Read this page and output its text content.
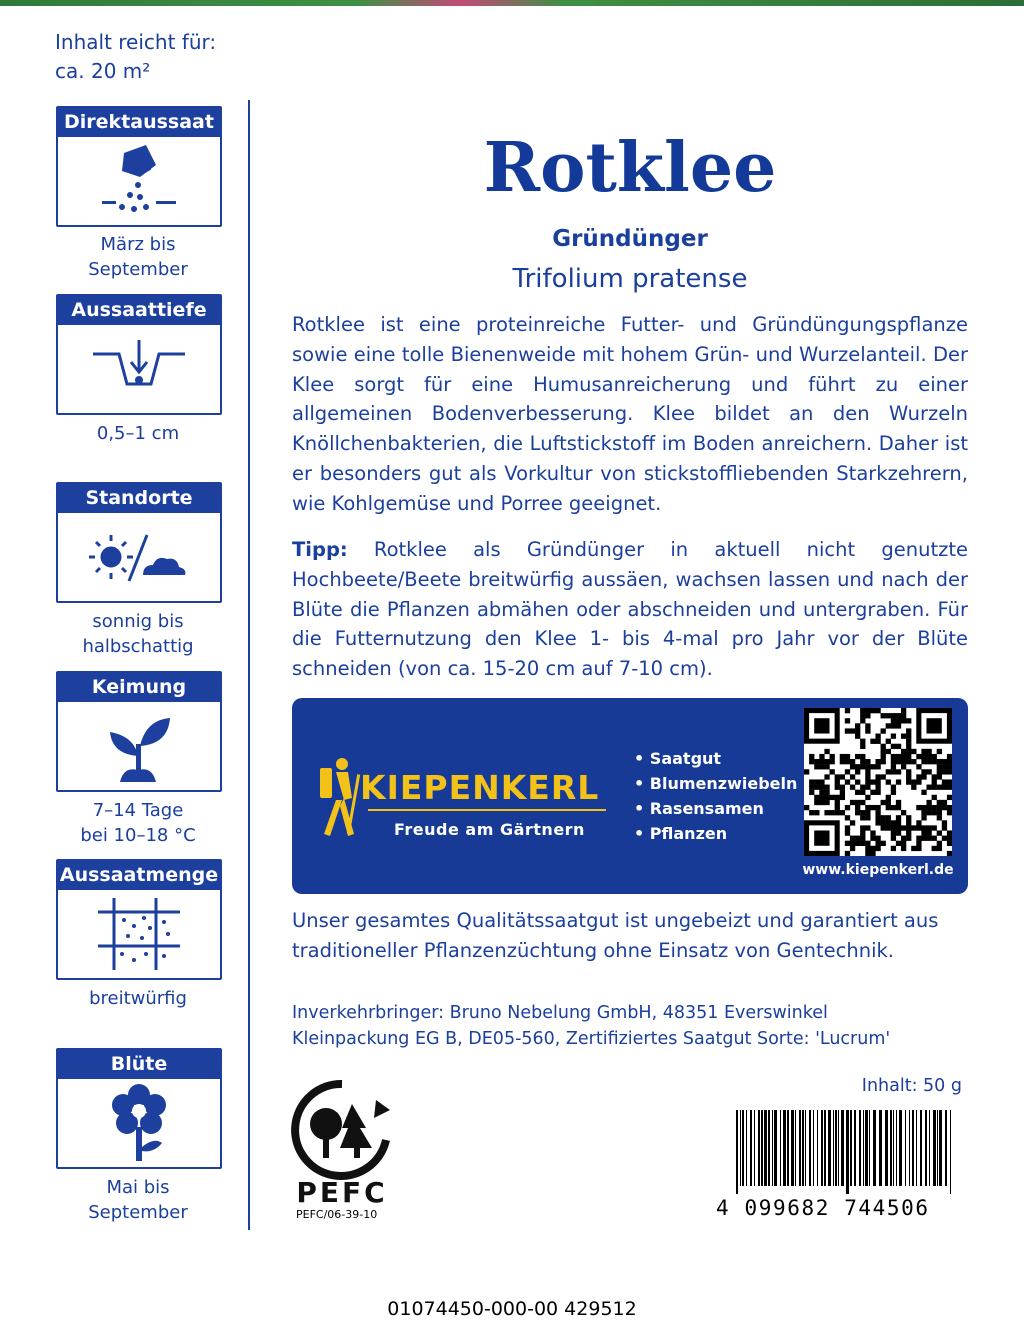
Inhalt reicht für:
ca. 20 m²
Direktaussaat
März bis
September
Aussaattiefe
0,5–1 cm
Standorte
sonnig bis
halbschattig
Keimung
7–14 Tage
bei 10–18 °C
Aussaatmenge
breitwürfig
Blüte
Mai bis
September
Rotklee
Gründünger
Trifolium pratense
Rotklee ist eine proteinreiche Futter- und Gründüngungspflanze sowie eine tolle Bienenweide mit hohem Grün- und Wurzelanteil. Der Klee sorgt für eine Humusanreicherung und führt zu einer allgemeinen Bodenverbesserung. Klee bildet an den Wurzeln Knöllchenbakterien, die Luftstickstoff im Boden anreichern. Daher ist er besonders gut als Vorkultur von stickstoffliebenden Starkzehrern, wie Kohlgemüse und Porree geeignet.
Tipp: Rotklee als Gründünger in aktuell nicht genutzte Hochbeete/Beete breitwürfig aussäen, wachsen lassen und nach der Blüte die Pflanzen abmähen oder abschneiden und untergraben. Für die Futternutzung den Klee 1- bis 4-mal pro Jahr vor der Blüte schneiden (von ca. 15-20 cm auf 7-10 cm).
KIEPENKERL
Freude am Gärtnern
• Saatgut
• Blumenzwiebeln
• Rasensamen
• Pflanzen
www.kiepenkerl.de
Unser gesamtes Qualitätssaatgut ist ungebeizt und garantiert aus traditioneller Pflanzenzüchtung ohne Einsatz von Gentechnik.
Inverkehrbringer: Bruno Nebelung GmbH, 48351 Everswinkel
Kleinpackung EG B, DE05-560, Zertifiziertes Saatgut Sorte: 'Lucrum'
Inhalt: 50 g
PEFC
PEFC/06-39-10	4 099682 744506
01074450-000-00 429512
